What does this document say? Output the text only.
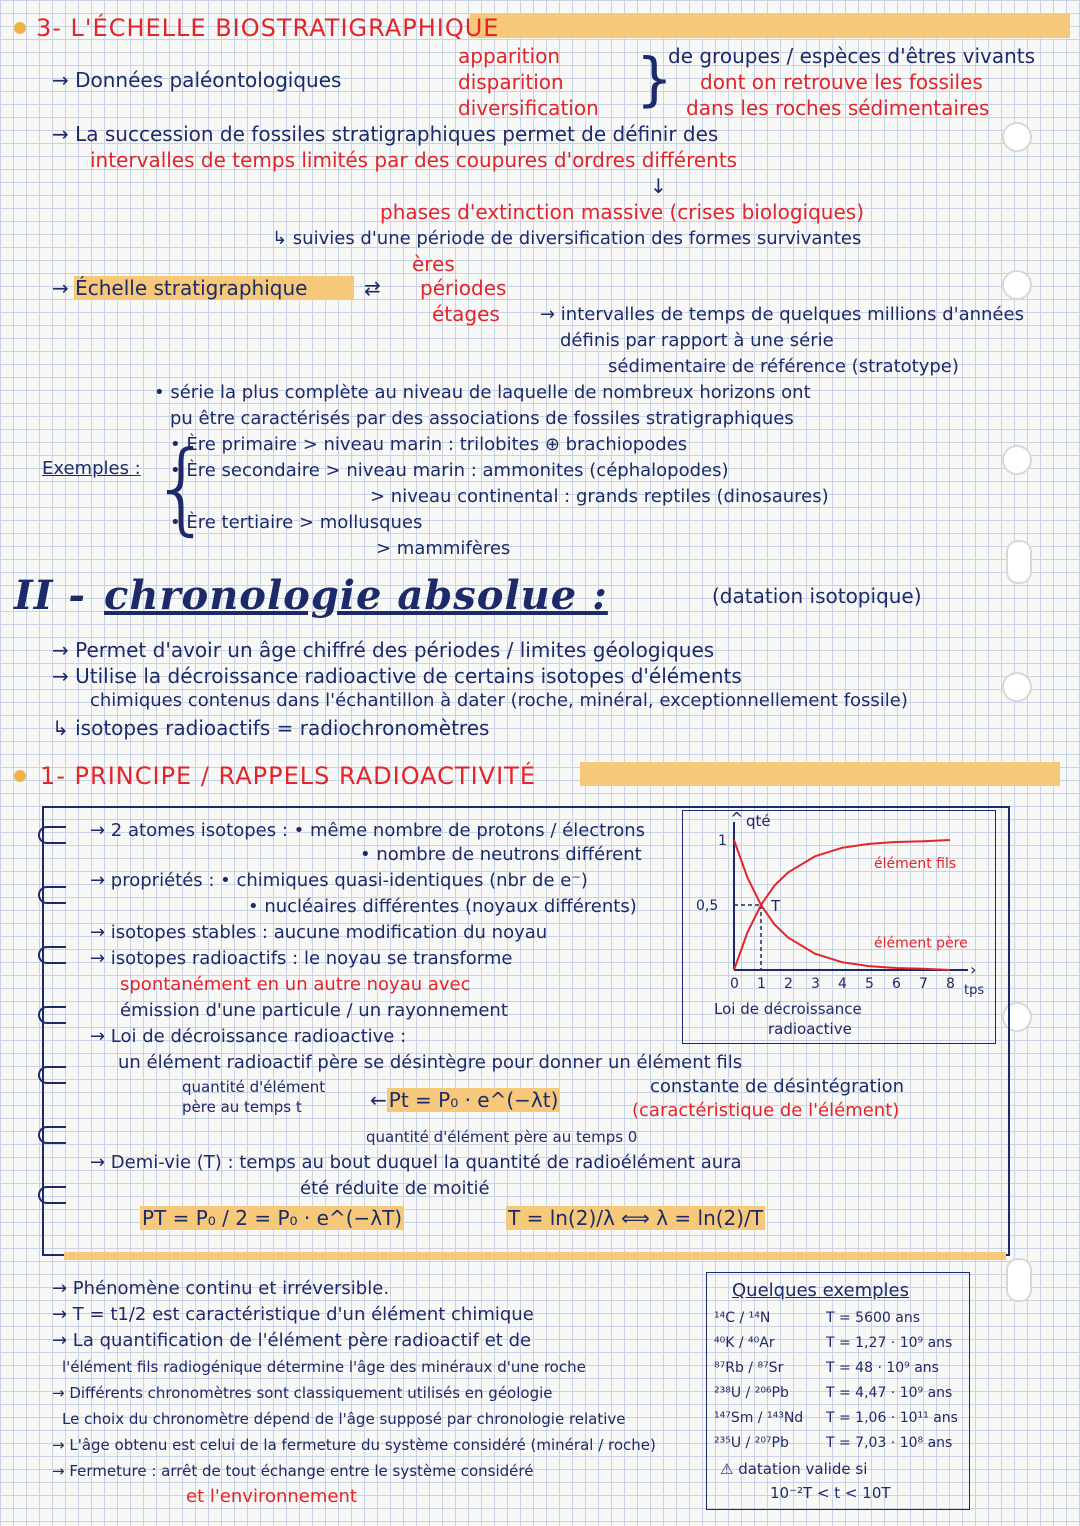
3- L'ÉCHELLE BIOSTRATIGRAPHIQUE
→ Données paléontologiques
apparition
disparition
diversification }
de groupes / espèces d'êtres vivants
dont on retrouve les fossiles
dans les roches sédimentaires
→ La succession de fossiles stratigraphiques permet de définir des
intervalles de temps limités par des coupures d'ordres différents
↓
phases d'extinction massive (crises biologiques)
↳ suivies d'une période de diversification des formes survivantes
→ Échelle stratigraphique	⇄
ères
périodes
étages → intervalles de temps de quelques millions d'années
définis par rapport à une série
sédimentaire de référence (stratotype)
• série la plus complète au niveau de laquelle de nombreux horizons ont
pu être caractérisés par des associations de fossiles stratigraphiques
Exemples : {
• Ère primaire > niveau marin : trilobites ⊕ brachiopodes
• Ère secondaire > niveau marin : ammonites (céphalopodes)
> niveau continental : grands reptiles (dinosaures)
• Ère tertiaire > mollusques
> mammifères
II - chronologie absolue :	(datation isotopique)
→ Permet d'avoir un âge chiffré des périodes / limites géologiques
→ Utilise la décroissance radioactive de certains isotopes d'éléments
chimiques contenus dans l'échantillon à dater (roche, minéral, exceptionnellement fossile)
↳ isotopes radioactifs = radiochronomètres
1- PRINCIPE / RAPPELS RADIOACTIVITÉ
→ 2 atomes isotopes : • même nombre de protons / électrons
• nombre de neutrons différent
→ propriétés : • chimiques quasi-identiques (nbr de e⁻)
• nucléaires différentes (noyaux différents)
→ isotopes stables : aucune modification du noyau
→ isotopes radioactifs : le noyau se transforme
spontanément en un autre noyau avec
émission d'une particule / un rayonnement
→ Loi de décroissance radioactive :
un élément radioactif père se désintègre pour donner un élément fils
quantité d'élément
père au temps t	← Pt = P₀ · e^(−λt)
constante de désintégration
(caractéristique de l'élément)
quantité d'élément père au temps 0
→ Demi-vie (T) : temps au bout duquel la quantité de radioélément aura
été réduite de moitié
PT = P₀ / 2 = P₀ · e^(−λT)	T = ln(2)/λ ⟺ λ = ln(2)/T
›
^ qté
tps
0 1 2 3 4 5 6 7 8
1
0,5	T
élément fils
élément père
Loi de décroissance
radioactive
→ Phénomène continu et irréversible.
→ T = t1/2 est caractéristique d'un élément chimique
→ La quantification de l'élément père radioactif et de
l'élément fils radiogénique détermine l'âge des minéraux d'une roche
→ Différents chronomètres sont classiquement utilisés en géologie
Le choix du chronomètre dépend de l'âge supposé par chronologie relative
→ L'âge obtenu est celui de la fermeture du système considéré (minéral / roche)
→ Fermeture : arrêt de tout échange entre le système considéré
et l'environnement
Quelques exemples
¹⁴C / ¹⁴N	T = 5600 ans
⁴⁰K / ⁴⁰Ar	T = 1,27 · 10⁹ ans
⁸⁷Rb / ⁸⁷Sr	T = 48 · 10⁹ ans
²³⁸U / ²⁰⁶Pb	T = 4,47 · 10⁹ ans
¹⁴⁷Sm / ¹⁴³Nd	T = 1,06 · 10¹¹ ans
²³⁵U / ²⁰⁷Pb	T = 7,03 · 10⁸ ans
⚠ datation valide si
10⁻²T < t < 10T
